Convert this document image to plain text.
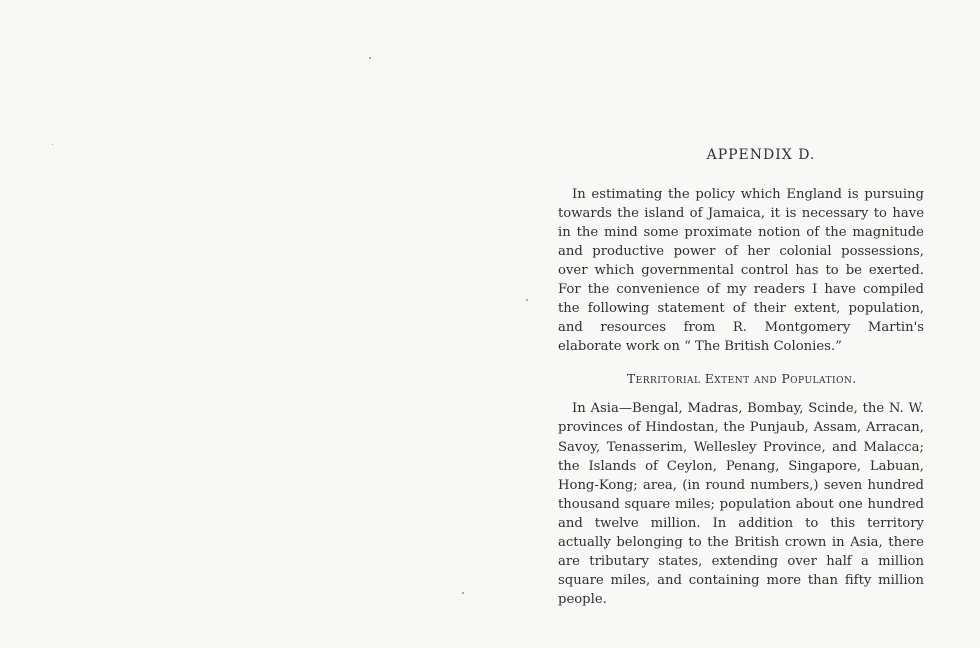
APPENDIX D.

In estimating the policy which England is pursuing towards the island of Jamaica, it is necessary to have in the mind some proximate notion of the magnitude and productive power of her colonial possessions, over which governmental control has to be exerted. For the convenience of my readers I have compiled the following statement of their extent, population, and resources from R. Montgomery Martin's elaborate work on “ The British Colonies.”

Territorial Extent and Population.

In Asia—Bengal, Madras, Bombay, Scinde, the N. W. provinces of Hindostan, the Punjaub, Assam, Arracan, Savoy, Tenasserim, Wellesley Province, and Malacca; the Islands of Ceylon, Penang, Singapore, Labuan, Hong-Kong; area, (in round numbers,) seven hundred thousand square miles; population about one hundred and twelve million. In addition to this territory actually belonging to the British crown in Asia, there are tributary states, extending over half a million square miles, and containing more than fifty million people.
